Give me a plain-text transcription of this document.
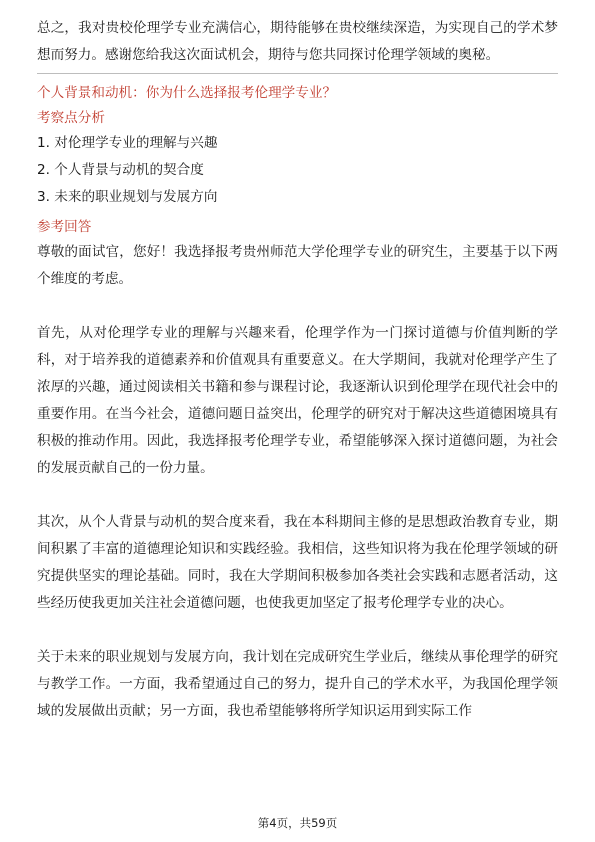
总之，我对贵校伦理学专业充满信心，期待能够在贵校继续深造，为实现自己的学术梦想而努力。感谢您给我这次面试机会，期待与您共同探讨伦理学领域的奥秘。

个人背景和动机：你为什么选择报考伦理学专业？

考察点分析

1. 对伦理学专业的理解与兴趣
2. 个人背景与动机的契合度
3. 未来的职业规划与发展方向

参考回答

尊敬的面试官，您好！我选择报考贵州师范大学伦理学专业的研究生，主要基于以下两个维度的考虑。

首先，从对伦理学专业的理解与兴趣来看，伦理学作为一门探讨道德与价值判断的学科，对于培养我的道德素养和价值观具有重要意义。在大学期间，我就对伦理学产生了浓厚的兴趣，通过阅读相关书籍和参与课程讨论，我逐渐认识到伦理学在现代社会中的重要作用。在当今社会，道德问题日益突出，伦理学的研究对于解决这些道德困境具有积极的推动作用。因此，我选择报考伦理学专业，希望能够深入探讨道德问题，为社会的发展贡献自己的一份力量。

其次，从个人背景与动机的契合度来看，我在本科期间主修的是思想政治教育专业，期间积累了丰富的道德理论知识和实践经验。我相信，这些知识将为我在伦理学领域的研究提供坚实的理论基础。同时，我在大学期间积极参加各类社会实践和志愿者活动，这些经历使我更加关注社会道德问题，也使我更加坚定了报考伦理学专业的决心。

关于未来的职业规划与发展方向，我计划在完成研究生学业后，继续从事伦理学的研究与教学工作。一方面，我希望通过自己的努力，提升自己的学术水平，为我国伦理学领域的发展做出贡献；另一方面，我也希望能够将所学知识运用到实际工作

第4页，共59页
